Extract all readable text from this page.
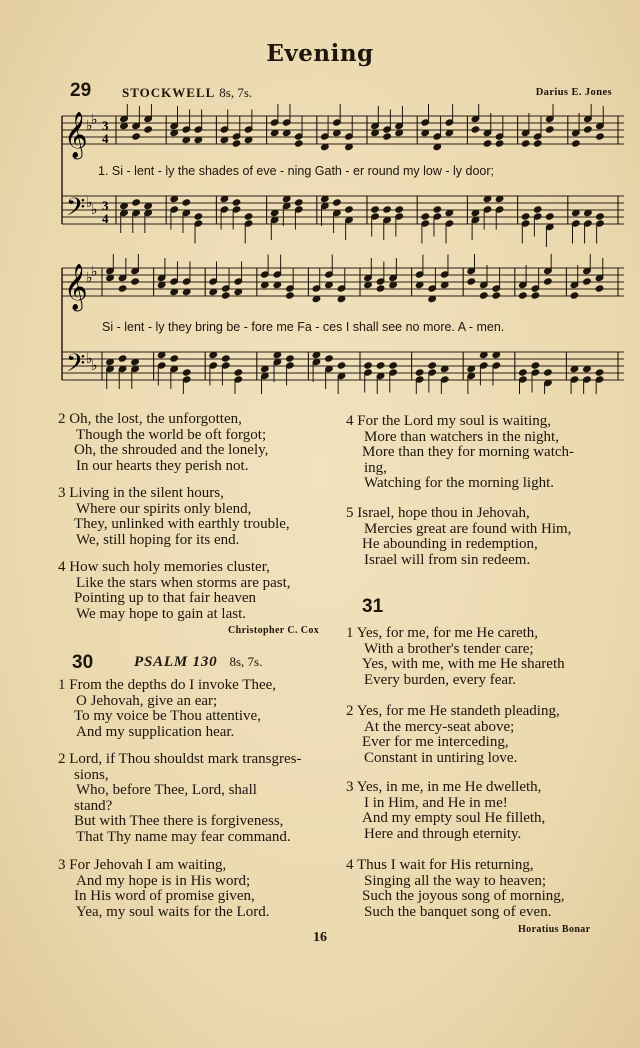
Evening
29 STOCKWELL 8s, 7s.	Darius E. Jones
𝄞
𝄢
♭
♭
♭
♭
3
4
3
4
1. Si - lent - ly the shades of eve - ning Gath - er round my low - ly door;
𝄞
𝄢
♭
♭
♭
♭
Si - lent - ly they bring be - fore me Fa - ces I shall see no more. A - men.
2 Oh, the lost, the unforgotten,
Though the world be oft forgot;
Oh, the shrouded and the lonely,
In our hearts they perish not.
3 Living in the silent hours,
Where our spirits only blend,
They, unlinked with earthly trouble,
We, still hoping for its end.
4 How such holy memories cluster,
Like the stars when storms are past,
Pointing up to that fair heaven
We may hope to gain at last.
Christopher C. Cox
4 For the Lord my soul is waiting,
More than watchers in the night,
More than they for morning watch-
ing,
Watching for the morning light.
5 Israel, hope thou in Jehovah,
Mercies great are found with Him,
He abounding in redemption,
Israel will from sin redeem.
30	PSALM 130 8s, 7s.
1 From the depths do I invoke Thee,
O Jehovah, give an ear;
To my voice be Thou attentive,
And my supplication hear.
2 Lord, if Thou shouldst mark transgres-
sions,
Who, before Thee, Lord, shall
stand?
But with Thee there is forgiveness,
That Thy name may fear command.
3 For Jehovah I am waiting,
And my hope is in His word;
In His word of promise given,
Yea, my soul waits for the Lord.
31
1 Yes, for me, for me He careth,
With a brother's tender care;
Yes, with me, with me He shareth
Every burden, every fear.
2 Yes, for me He standeth pleading,
At the mercy-seat above;
Ever for me interceding,
Constant in untiring love.
3 Yes, in me, in me He dwelleth,
I in Him, and He in me!
And my empty soul He filleth,
Here and through eternity.
4 Thus I wait for His returning,
Singing all the way to heaven;
Such the joyous song of morning,
Such the banquet song of even.
Horatius Bonar
16
